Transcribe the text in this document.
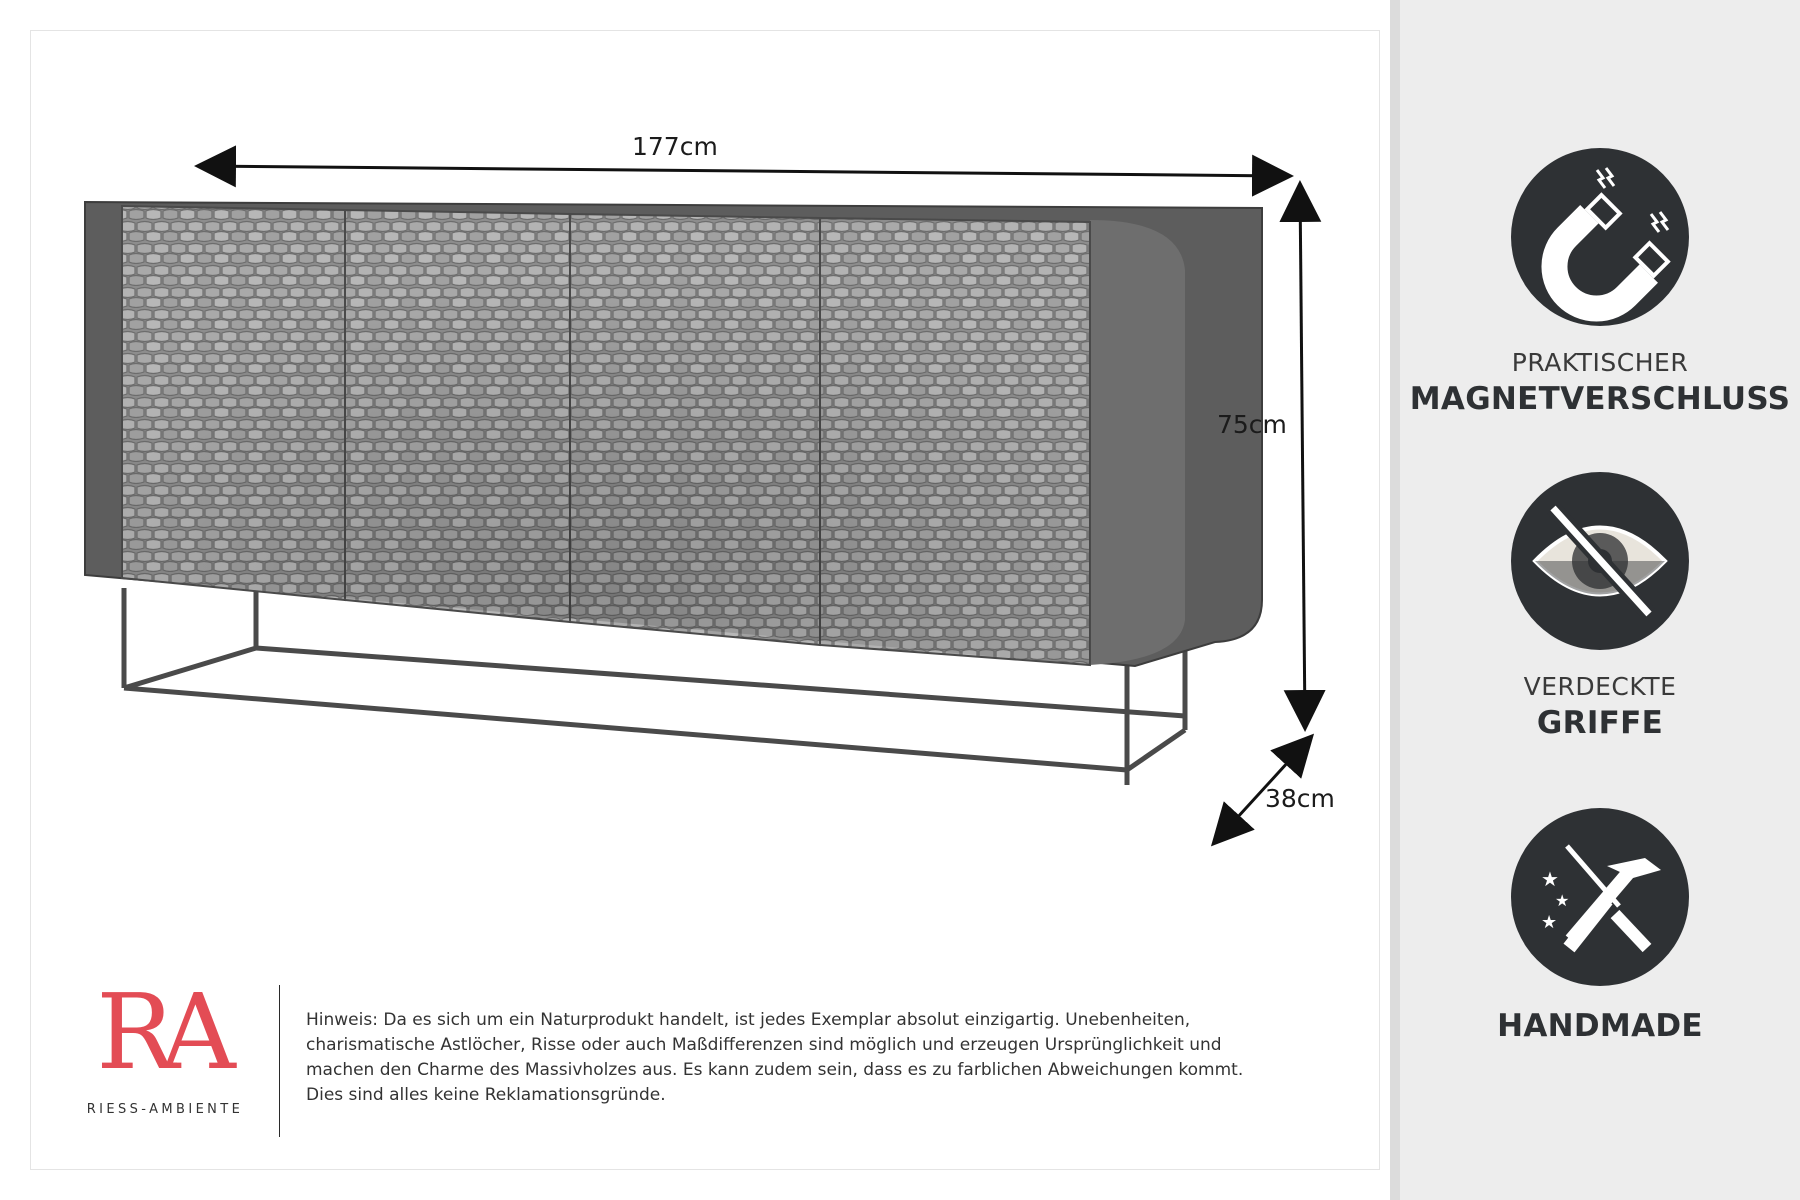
177cm
75cm
38cm
RA
RIESS-AMBIENTE
Hinweis: Da es sich um ein Naturprodukt handelt, ist jedes Exemplar absolut einzigartig. Unebenheiten, charismatische Astlöcher, Risse oder auch Maßdifferenzen sind möglich und erzeugen Ursprünglichkeit und machen den Charme des Massivholzes aus. Es kann zudem sein, dass es zu farblichen Abweichungen kommt. Dies sind alles keine Reklamationsgründe.
PRAKTISCHER
MAGNETVERSCHLUSS
VERDECKTE
GRIFFE
★
★
★
HANDMADE
